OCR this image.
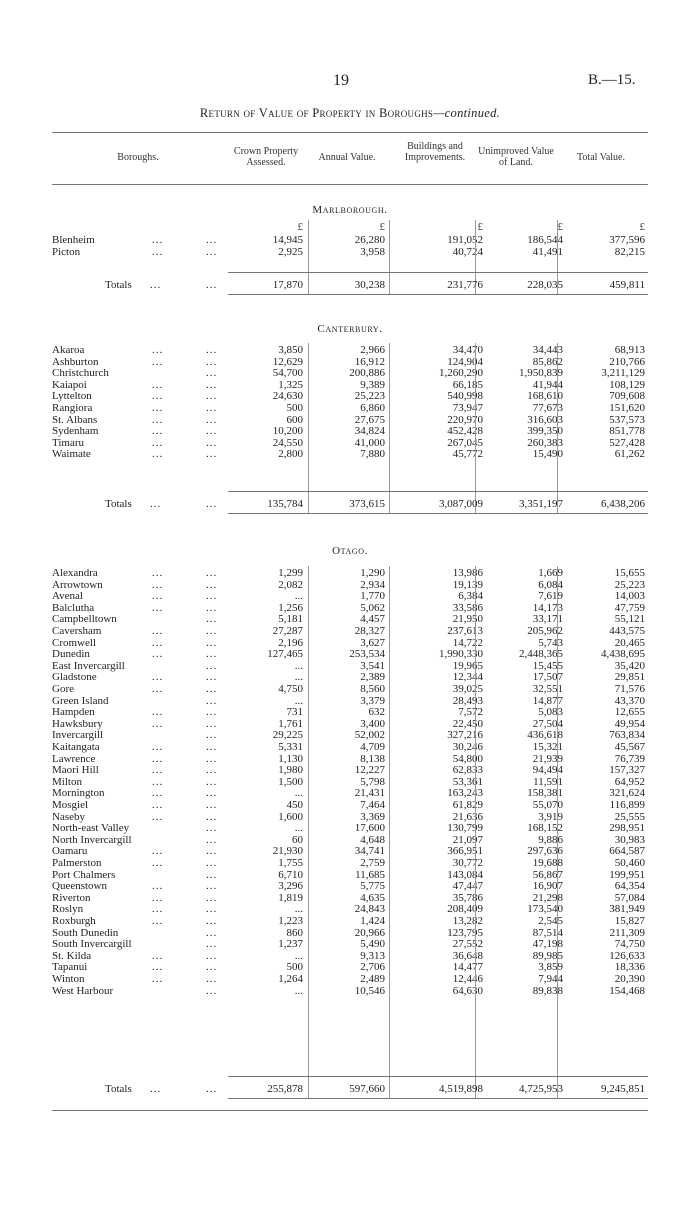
19	B.—15.
Return of Value of Property in Boroughs—continued.
Boroughs.
Crown Property Assessed.	Annual Value.
Buildings and Improvements.
Unimproved Value of Land.	Total Value.
Marlborough.
£	£	£	£	£
Blenheim	...	...	14,945	26,280	191,052	186,544	377,596
Picton	...	...	2,925	3,958	40,724	41,491	82,215
Totals ...	...	17,870	30,238	231,776	228,035	459,811
Canterbury.
Akaroa	...	...	3,850	2,966	34,470	34,443	68,913
Ashburton	...	...	12,629	16,912	124,904	85,862	210,766
Christchurch	...	54,700	200,886	1,260,290	1,950,839	3,211,129
Kaiapoi	...	...	1,325	9,389	66,185	41,944	108,129
Lyttelton	...	...	24,630	25,223	540,998	168,610	709,608
Rangiora	...	...	500	6,860	73,947	77,673	151,620
St. Albans	...	...	600	27,675	220,970	316,603	537,573
Sydenham	...	...	10,200	34,824	452,428	399,350	851,778
Timaru	...	...	24,550	41,000	267,045	260,383	527,428
Waimate	...	...	2,800	7,880	45,772	15,490	61,262
Totals ...	...	135,784	373,615	3,087,009	3,351,197	6,438,206
Otago.
Alexandra	...	...	1,299	1,290	13,986	1,669	15,655
Arrowtown	...	...	2,082	2,934	19,139	6,084	25,223
Avenal	...	...	...	1,770	6,384	7,619	14,003
Balclutha	...	...	1,256	5,062	33,586	14,173	47,759
Campbelltown	...	5,181	4,457	21,950	33,171	55,121
Caversham	...	...	27,287	28,327	237,613	205,962	443,575
Cromwell	...	...	2,196	3,627	14,722	5,743	20,465
Dunedin	...	...	127,465	253,534	1,990,330	2,448,365	4,438,695
East Invercargill	...	...	3,541	19,965	15,455	35,420
Gladstone	...	...	...	2,389	12,344	17,507	29,851
Gore	...	...	4,750	8,560	39,025	32,551	71,576
Green Island	...	...	3,379	28,493	14,877	43,370
Hampden	...	...	731	632	7,572	5,083	12,655
Hawksbury	...	...	1,761	3,400	22,450	27,504	49,954
Invercargill	...	29,225	52,002	327,216	436,618	763,834
Kaitangata	...	...	5,331	4,709	30,246	15,321	45,567
Lawrence	...	...	1,130	8,138	54,800	21,939	76,739
Maori Hill	...	...	1,980	12,227	62,833	94,494	157,327
Milton	...	...	1,500	5,798	53,361	11,591	64,952
Mornington	...	...	...	21,431	163,243	158,381	321,624
Mosgiel	...	...	450	7,464	61,829	55,070	116,899
Naseby	...	...	1,600	3,369	21,636	3,919	25,555
North-east Valley	...	...	17,600	130,799	168,152	298,951
North Invercargill	...	60	4,648	21,097	9,886	30,983
Oamaru	...	...	21,930	34,741	366,951	297,636	664,587
Palmerston	...	...	1,755	2,759	30,772	19,688	50,460
Port Chalmers	...	6,710	11,685	143,084	56,867	199,951
Queenstown	...	...	3,296	5,775	47,447	16,907	64,354
Riverton	...	...	1,819	4,635	35,786	21,298	57,084
Roslyn	...	...	...	24,843	208,409	173,540	381,949
Roxburgh	...	...	1,223	1,424	13,282	2,545	15,827
South Dunedin	...	860	20,966	123,795	87,514	211,309
South Invercargill	...	1,237	5,490	27,552	47,198	74,750
St. Kilda	...	...	...	9,313	36,648	89,985	126,633
Tapanui	...	...	500	2,706	14,477	3,859	18,336
Winton	...	...	1,264	2,489	12,446	7,944	20,390
West Harbour	...	...	10,546	64,630	89,838	154,468
Totals ...	...	255,878	597,660	4,519,898	4,725,953	9,245,851
